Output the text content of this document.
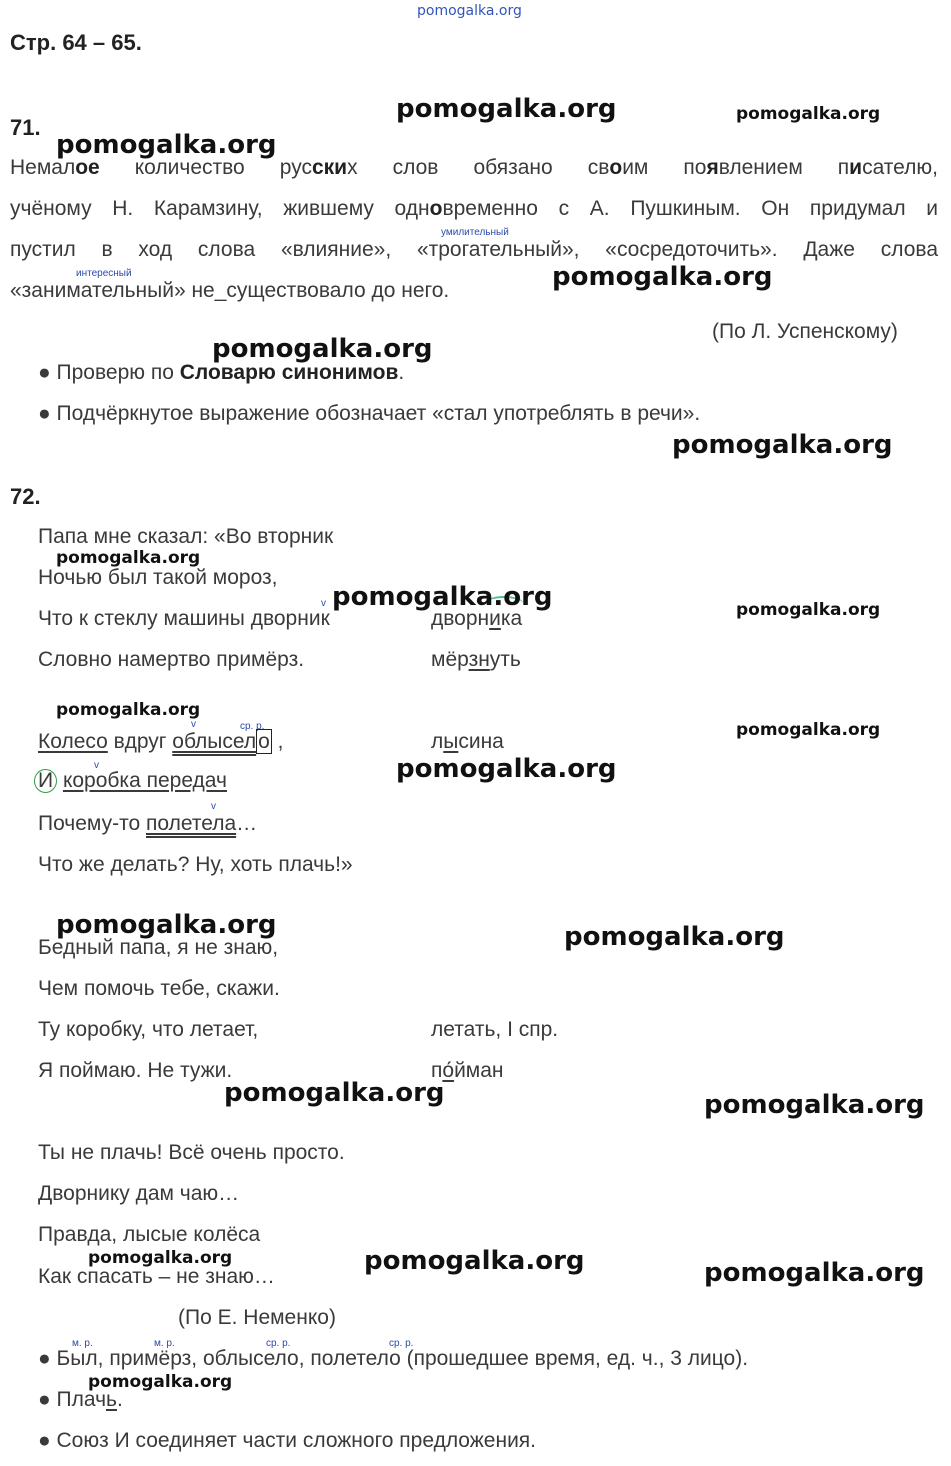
pomogalka.org
Стр. 64 – 65.
71.
умилительный
интересный
Немалое количество русских слов обязано своим появлением писателю,
учёному Н. Карамзину, жившему одновременно с А. Пушкиным. Он придумал и
пустил в ход слова «влияние», «трогательный», «сосредоточить». Даже слова
«занимательный» не_существовало до него.
(По Л. Успенскому)
● Проверю по Словарю синонимов.
● Подчёркнутое выражение обозначает «стал употреблять в речи».
72.
Папа мне сказал: «Во вторник
Ночью был такой мороз,
v
Что к стеклу машины дворник
Словно намертво примёрз.
дворника
мёрзнуть
v	ср. р.
Колесо вдруг облысело ,
v
И коробка передач
v
Почему-то полетела…
Что же делать? Ну, хоть плачь!»
лысина
Бедный папа, я не знаю,
Чем помочь тебе, скажи.
Ту коробку, что летает,
Я поймаю. Не тужи.
летать, I спр.
по́йман
Ты не плачь! Всё очень просто.
Дворнику дам чаю…
Правда, лысые колёса
Как спасать – не знаю…
(По Е. Неменко)
м. р.	м. р.	ср. р.	ср. р.
● Был, примёрз, облысело, полетело (прошедшее время, ед. ч., 3 лицо).
● Плачь.
● Союз И соединяет части сложного предложения.
pomogalka.org	pomogalka.org
pomogalka.org
pomogalka.org
pomogalka.org
pomogalka.org
pomogalka.org
pomogalka.org	pomogalka.org
pomogalka.org
pomogalka.org
pomogalka.org
pomogalka.org	pomogalka.org
pomogalka.org	pomogalka.org
pomogalka.org	pomogalka.org	pomogalka.org
pomogalka.org
